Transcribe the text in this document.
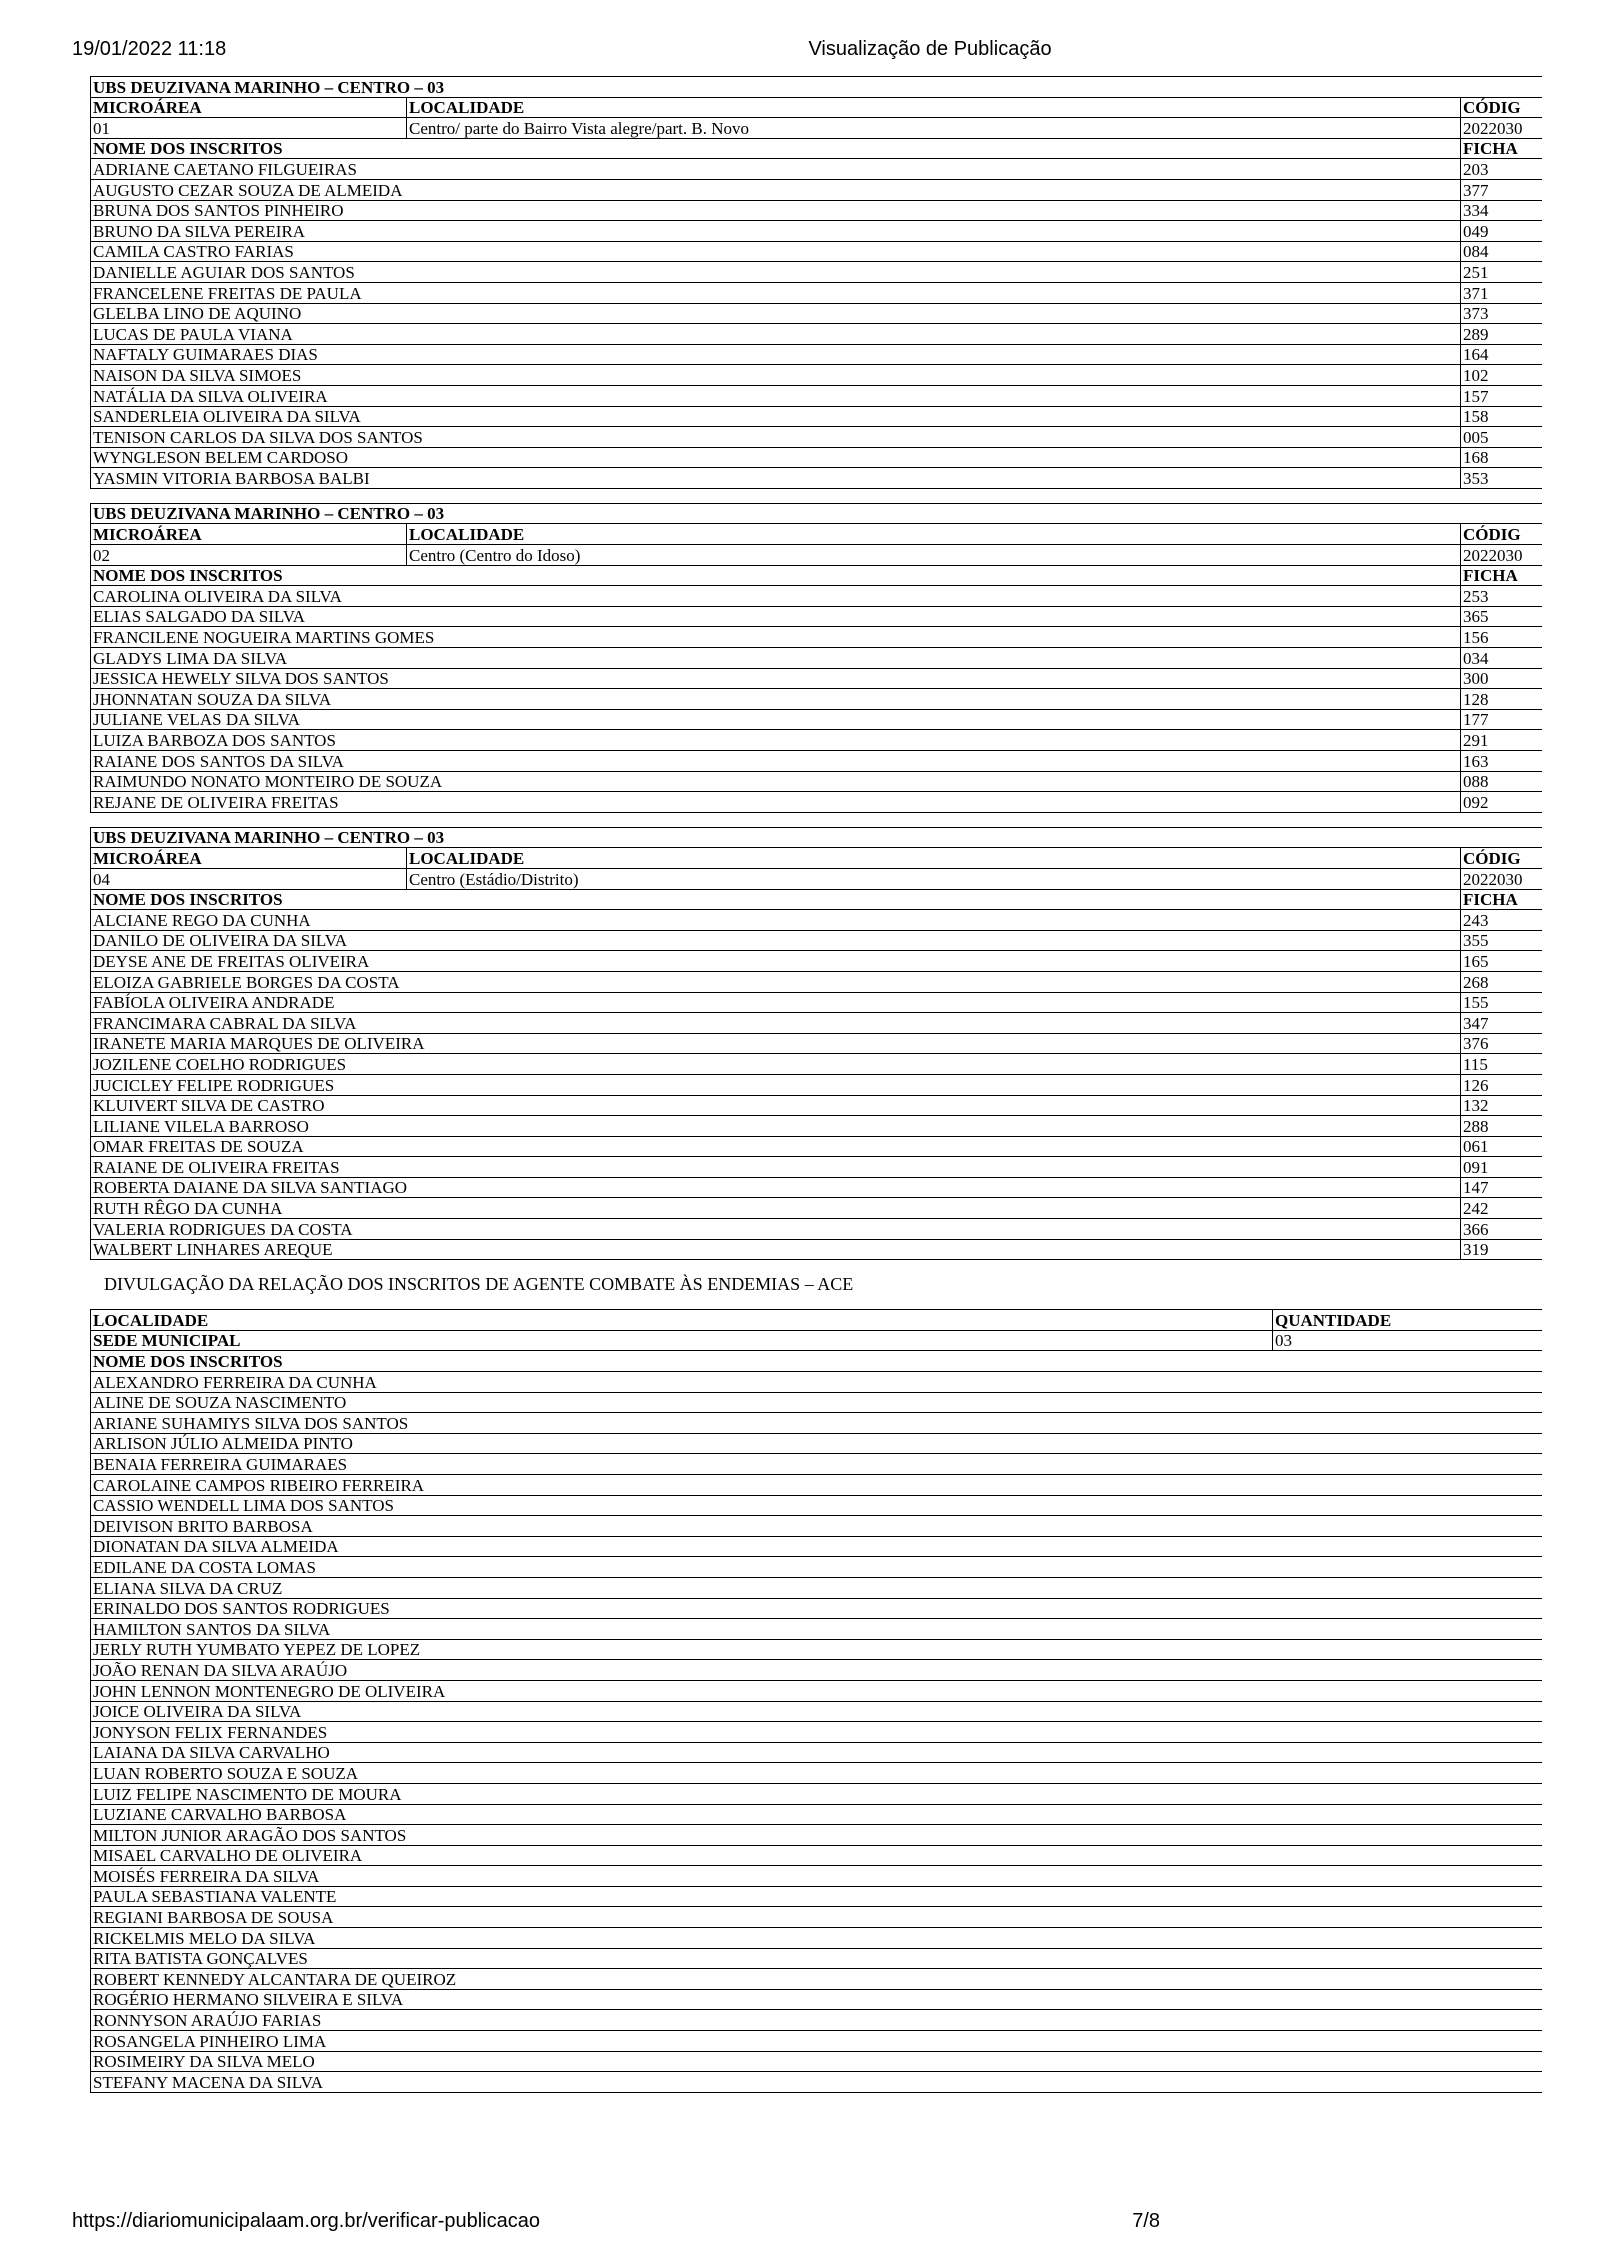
19/01/2022 11:18	Visualização de Publicação
UBS DEUZIVANA MARINHO – CENTRO – 03		
MICROÁREA	LOCALIDADE	CÓDIG
01	Centro/ parte do Bairro Vista alegre/part. B. Novo	2022030
NOME DOS INSCRITOS		FICHA
ADRIANE CAETANO FILGUEIRAS		203
AUGUSTO CEZAR SOUZA DE ALMEIDA		377
BRUNA DOS SANTOS PINHEIRO		334
BRUNO DA SILVA PEREIRA		049
CAMILA CASTRO FARIAS		084
DANIELLE AGUIAR DOS SANTOS		251
FRANCELENE FREITAS DE PAULA		371
GLELBA LINO DE AQUINO		373
LUCAS DE PAULA VIANA		289
NAFTALY GUIMARAES DIAS		164
NAISON DA SILVA SIMOES		102
NATÁLIA DA SILVA OLIVEIRA		157
SANDERLEIA OLIVEIRA DA SILVA		158
TENISON CARLOS DA SILVA DOS SANTOS		005
WYNGLESON BELEM CARDOSO		168
YASMIN VITORIA BARBOSA BALBI		353
UBS DEUZIVANA MARINHO – CENTRO – 03		
MICROÁREA	LOCALIDADE	CÓDIG
02	Centro (Centro do Idoso)	2022030
NOME DOS INSCRITOS		FICHA
CAROLINA OLIVEIRA DA SILVA		253
ELIAS SALGADO DA SILVA		365
FRANCILENE NOGUEIRA MARTINS GOMES		156
GLADYS LIMA DA SILVA		034
JESSICA HEWELY SILVA DOS SANTOS		300
JHONNATAN SOUZA DA SILVA		128
JULIANE VELAS DA SILVA		177
LUIZA BARBOZA DOS SANTOS		291
RAIANE DOS SANTOS DA SILVA		163
RAIMUNDO NONATO MONTEIRO DE SOUZA		088
REJANE DE OLIVEIRA FREITAS		092
UBS DEUZIVANA MARINHO – CENTRO – 03		
MICROÁREA	LOCALIDADE	CÓDIG
04	Centro (Estádio/Distrito)	2022030
NOME DOS INSCRITOS		FICHA
ALCIANE REGO DA CUNHA		243
DANILO DE OLIVEIRA DA SILVA		355
DEYSE ANE DE FREITAS OLIVEIRA		165
ELOIZA GABRIELE BORGES DA COSTA		268
FABÍOLA OLIVEIRA ANDRADE		155
FRANCIMARA CABRAL DA SILVA		347
IRANETE MARIA MARQUES DE OLIVEIRA		376
JOZILENE COELHO RODRIGUES		115
JUCICLEY FELIPE RODRIGUES		126
KLUIVERT SILVA DE CASTRO		132
LILIANE VILELA BARROSO		288
OMAR FREITAS DE SOUZA		061
RAIANE DE OLIVEIRA FREITAS		091
ROBERTA DAIANE DA SILVA SANTIAGO		147
RUTH RÊGO DA CUNHA		242
VALERIA RODRIGUES DA COSTA		366
WALBERT LINHARES AREQUE		319
DIVULGAÇÃO DA RELAÇÃO DOS INSCRITOS DE AGENTE COMBATE ÀS ENDEMIAS – ACE
LOCALIDADE	QUANTIDADE
SEDE MUNICIPAL	03
NOME DOS INSCRITOS	
ALEXANDRO FERREIRA DA CUNHA	
ALINE DE SOUZA NASCIMENTO	
ARIANE SUHAMIYS SILVA DOS SANTOS	
ARLISON JÚLIO ALMEIDA PINTO	
BENAIA FERREIRA GUIMARAES	
CAROLAINE CAMPOS RIBEIRO FERREIRA	
CASSIO WENDELL LIMA DOS SANTOS	
DEIVISON BRITO BARBOSA	
DIONATAN DA SILVA ALMEIDA	
EDILANE DA COSTA LOMAS	
ELIANA SILVA DA CRUZ	
ERINALDO DOS SANTOS RODRIGUES	
HAMILTON SANTOS DA SILVA	
JERLY RUTH YUMBATO YEPEZ DE LOPEZ	
JOÃO RENAN DA SILVA ARAÚJO	
JOHN LENNON MONTENEGRO DE OLIVEIRA	
JOICE OLIVEIRA DA SILVA	
JONYSON FELIX FERNANDES	
LAIANA DA SILVA CARVALHO	
LUAN ROBERTO SOUZA E SOUZA	
LUIZ FELIPE NASCIMENTO DE MOURA	
LUZIANE CARVALHO BARBOSA	
MILTON JUNIOR ARAGÃO DOS SANTOS	
MISAEL CARVALHO DE OLIVEIRA	
MOISÉS FERREIRA DA SILVA	
PAULA SEBASTIANA VALENTE	
REGIANI BARBOSA DE SOUSA	
RICKELMIS MELO DA SILVA	
RITA BATISTA GONÇALVES	
ROBERT KENNEDY ALCANTARA DE QUEIROZ	
ROGÉRIO HERMANO SILVEIRA E SILVA	
RONNYSON ARAÚJO FARIAS	
ROSANGELA PINHEIRO LIMA	
ROSIMEIRY DA SILVA MELO	
STEFANY MACENA DA SILVA	
https://diariomunicipalaam.org.br/verificar-publicacao	7/8
